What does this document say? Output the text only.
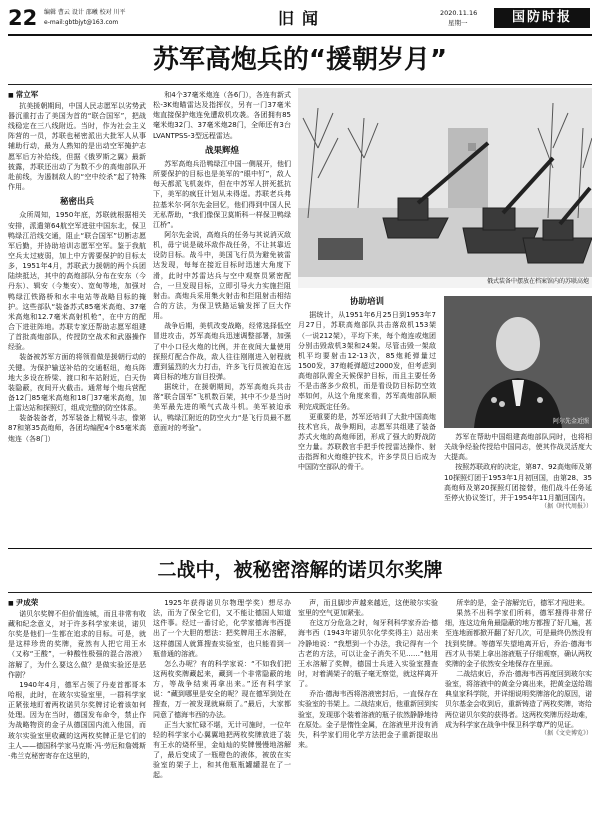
22 编辑 曹云 设计 邵曦 校对 川平
e-mail:gbtbjyt@163.com	旧闻	2020.11.16
星期一	国防时报
苏军高炮兵的“援朝岁月”
■ 常立军

抗美援朝期间，中国人民志愿军以劣势武器沉重打击了美国为首的“联合国军”，把战线稳定在三八线附近。当时，作为社会主义阵营的一员，苏联也秘密派出大批军人从事辅助行动，最为人熟知的是出动空军掩护志愿军后方补给线，但据《俄罗斯之翼》最新披露，苏联还出动了为数不少的高炮部队开赴前线，为遏制敌人的“空中绞杀”起了特殊作用。

秘密出兵

众所周知，1950年底，苏联就根据相关安排，派遣第64航空军进驻中国东北，保卫鸭绿江沿线交通，阻止“联合国军”切断志愿军后勤，并协助培训志愿军空军。鉴于我航空兵太过疲弱，加上中方需要保护的目标太多，1951年4月，苏联武力援朝的两个兵团陆续抵达，其中的高炮部队分布在安东（今丹东）、辑安（今集安）、宽甸等地，加强对鸭绿江铁路桥和水丰电站等战略目标的掩护。这些部队“装备苏式85毫米高炮、37毫米高炮和12.7毫米高射机枪”，在中方的配合下进驻阵地。苏联专家还帮助志愿军组建了首批高炮部队，传授防空战术和武器操作经验。

装备被苏军方面的将领看做是援朝行动的关键。为保护输送补给的交通枢纽，炮兵阵地大多设在桥梁、渡口和车站附近，白天伪装隐蔽，夜间开火截击。通常每个炮兵营配备12门85毫米高炮和18门37毫米高炮，加上雷达站和探照灯，组成完整的防空体系。

装备装备者，苏军装备上精锐斗志，像第87和第35高炮师，各团均编配4个85毫米高炮连（各8门）

和4个37毫米炮连（各6门），各连有新式松-3K炮瞄雷达及指挥仪，另有一门37毫米炮直接保护炮连免遭敌机攻袭。各团拥有85毫米炮32门、37毫米炮28门，全师还有3台LVANTPSS-3型远程雷达。

战果辉煌

苏军高炮兵沿鸭绿江中国一侧展开，他们所要保护的目标也是美军的“眼中钉”，敌人每天都派飞机轰炸，但在中苏军人拼死抵抗下，美军的疯狂计划从未得逞。苏联老兵弗拉基米尔·阿尔先金回忆，他们得到中国人民无私帮助，“我们像保卫莫斯科一样保卫鸭绿江桥”。

阿尔先金说，高炮兵的任务与其说消灭敌机，毋宁说是破坏敌作战任务，不让其靠近设防目标。战斗中，美国飞行员为避免被雷达发现，每每在接近目标时迅速大角度下滑，此时中苏雷达兵与空中观察员紧密配合，一旦发现目标，立即引导火力实施拦阻射击。高炮兵采用集火射击和拦阻射击相结合的方法，为保卫铁路运输发挥了巨大作用。

战争后期，美机改变战略，经常选择低空冒进攻击，苏军高炮兵迅速调整部署，加强了中小口径火炮的比例，并在夜间大量使用探照灯配合作战，敌人往往刚刚进入射程就遭到猛烈的火力打击，许多飞行员被迫在远离目标的地方盲目投弹。

据统计，在援朝期间，苏军高炮兵共击落“联合国军”飞机数百架，其中不少是当时美军最先进的喷气式战斗机。美军被迫承认，鸭绿江附近的防空火力“是飞行员最不愿意面对的考验”。

俄式装备中摆放在档案馆内的苏联高炮
协助培训

据统计，从1951年6月25日到1953年7月27日，苏联高炮部队共击落敌机153架（一说212架），平均下来，每个炮连或炮团分别击毁敌机3架和24架。尽管击毁一架敌机平均要射击12-13次，85炮耗弹量过1500发，37炮耗弹超过2000发，但考虑到高炮部队需全天候保护目标，而且主要任务不是击落多少敌机，而是看设防目标防空效率如何，从这个角度来看，苏军高炮部队顺利完成既定任务。

更重要的是，苏军还培训了大批中国高炮技术官兵，战争期间，志愿军共组建了装备苏式火炮的高炮师团，形成了强大的野战防空力量。苏联教官手把手传授雷达操作、射击指挥和火炮维护技术，许多学员日后成为中国防空部队的骨干。

阿尔先金近照

苏军在帮助中国组建高炮部队同时，也将相关战争经验传授给中国同志，使其作战灵活度大大提高。

按照苏联政府的决定，第87、92高炮师及第10探照灯团于1953年1月初回国，由第28、35高炮师及第20探照灯团接替，他们战斗任务延至停火协议签订，并于1954年11月撤回国内。

（据《时代周报》）
二战中，被秘密溶解的诺贝尔奖牌
■ 尹成荣

诺贝尔奖牌不但价值连城，而且非常有收藏和纪念意义，对于许多科学家来说，诺贝尔奖是他们一生都在追求的目标。可是，就是这样珍贵的奖牌，竟然有人把它用王水（又称“王酸”，一种酸性极强的混合溶液）溶解了，为什么要这么做？是做实验还是恶作剧？

1940年4月，德军占领了丹麦首都哥本哈根，此时，在玻尔实验室里，一群科学家正紧张地盯着两枚诺贝尔奖牌讨论着该如何处理。因为在当时，德国发布命令，禁止作为战略物资的金子从德国国内流入他国，而玻尔实验室里收藏的这两枚奖牌正是它们的主人——德国科学家马克斯·冯·劳厄和詹姆斯·弗兰克秘密寄存在这里的，

1925年获得诺贝尔物理学奖）想尽办法，而为了保全它们，又不能让德国人知道这件事。经过一番讨论，化学家德海韦西提出了一个大胆的想法：把奖牌用王水溶解，这样德国人就算搜查实验室，也只能看到一瓶普通的溶液。

怎么办呢？有的科学家说：“不如我们把这两枚奖牌藏起来，藏到一个非常隐蔽的地方，等战争结束再拿出来。”还有科学家说：“藏到哪里是安全的呢？现在德军到处在搜查，万一被发现就麻烦了。”最后，大家都同意了德海韦西的办法。

正当大家忙碌不堪，无计可施时，一位年轻的科学家小心翼翼地把两枚奖牌放进了装有王水的烧杯里，金灿灿的奖牌慢慢地溶解了，最后变成了一瓶橙色的液体，被放在实验室的架子上，和其他瓶瓶罐罐混在了一起。

声，而且脚步声越来越近，这使玻尔实验室里的空气更加紧张。

在这万分危急之时，匈牙利科学家乔治·德海韦西（1943年诺贝尔化学奖得主）站出来冷静地说：“我想到一个办法，我记得有一个古老的方法，可以让金子消失不见……”他用王水溶解了奖牌，德国士兵进入实验室搜查时，对着满架子的瓶子毫无察觉，就这样离开了。

乔治·德海韦西将溶液密封后，一直保存在实验室的书架上。二战结束后，他重新回到实验室，发现那个装着溶液的瓶子依然静静地待在原处。金子是惰性金属，在溶液里并没有消失，科学家们用化学方法把金子重新提取出来。

所幸的是，金子溶解完后，德军才闯进来。

果然不出科学家们所料，德军搜得非常仔细，连这边角角最隐蔽的地方都搜了好几遍，甚至连地面都掀开翻了好几次，可是最终仍然没有找到奖牌。等德军失望地离开后，乔治·德海韦西才从书架上拿出溶液瓶子仔细观察，确认两枚奖牌的金子依然安全地保存在里面。

二战结束后，乔治·德海韦西再度回到玻尔实验室，将溶液中的黄金分离出来，把黄金送给瑞典皇家科学院，并详细说明奖牌溶化的原因，诺贝尔基金会收到后，重新铸造了两枚奖牌，寄给两位诺贝尔奖的获得者。这两枚奖牌历经劫难，成为科学家在战争中保卫科学尊严的见证。

（据《文史博览》）
